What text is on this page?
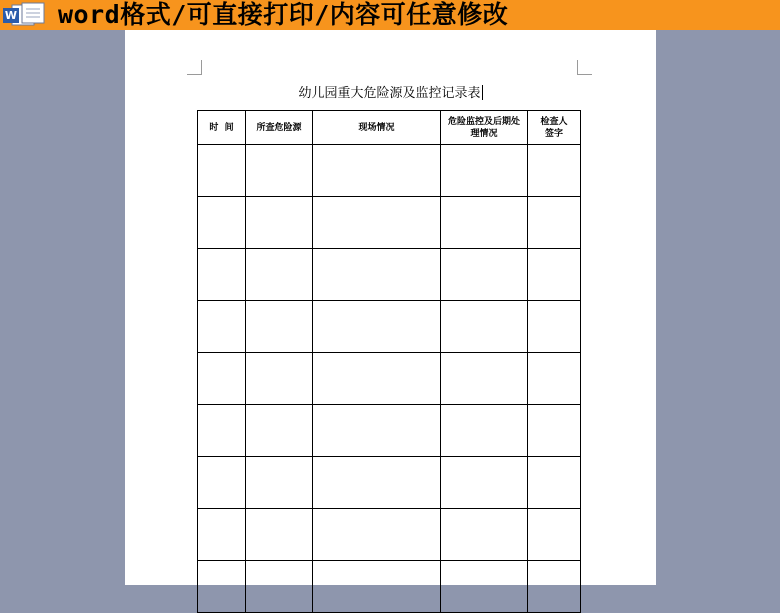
W word格式/可直接打印/内容可任意修改
幼儿园重大危险源及监控记录表
时  间	所查危险源	现场情况	危险监控及后期处理情况	检查人签字
